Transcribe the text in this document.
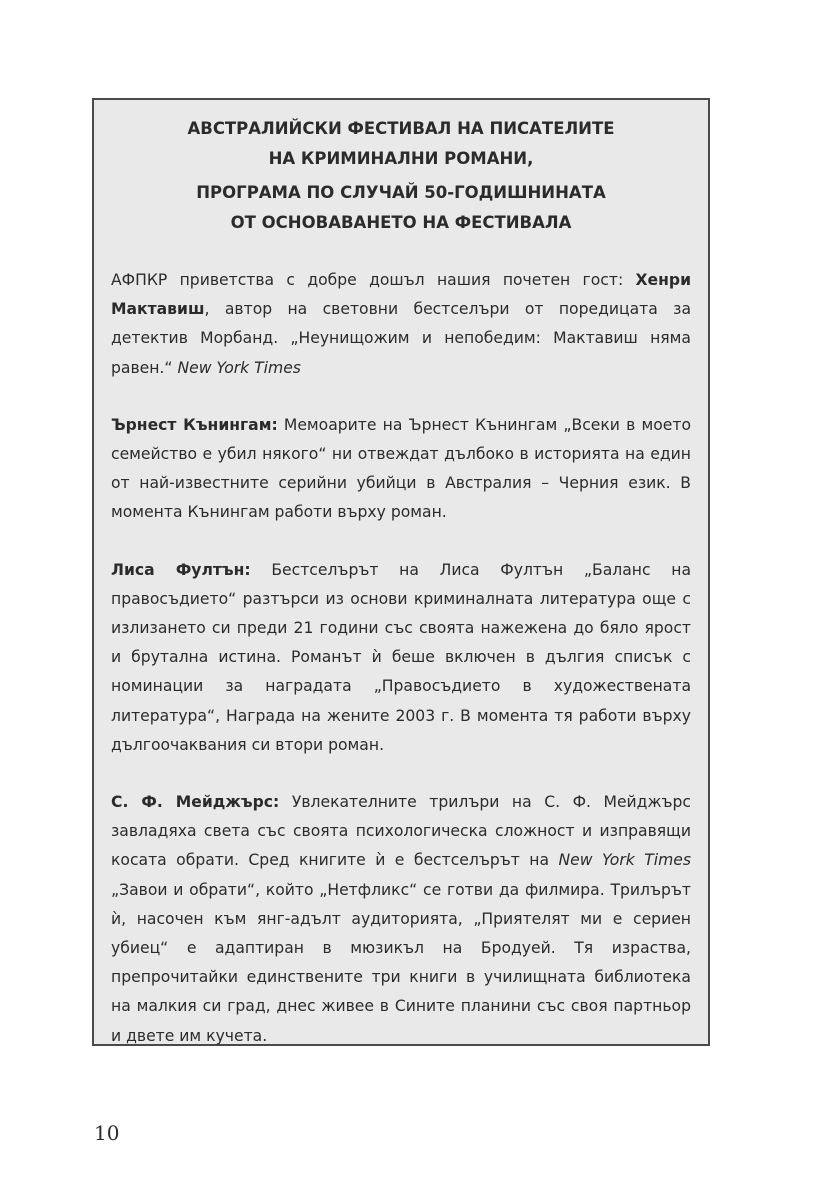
АВСТРАЛИЙСКИ ФЕСТИВАЛ НА ПИСАТЕЛИТЕ
НА КРИМИНАЛНИ РОМАНИ,

ПРОГРАМА ПО СЛУЧАЙ 50-ГОДИШНИНАТА
ОТ ОСНОВАВАНЕТО НА ФЕСТИВАЛА

АФПКР приветства с добре дошъл нашия почетен гост: Хенри Мактавиш, автор на световни бестселъри от поредицата за детектив Морбанд. „Неунищожим и непобедим: Мактавиш няма равен.“ New York Times

Ърнест Кънингам: Мемоарите на Ърнест Кънингам „Всеки в моето семейство е убил някого“ ни отвеждат дълбоко в историята на един от най-известните серийни убийци в Австралия – Черния език. В момента Кънингам работи върху роман.

Лиса Фултън: Бестселърът на Лиса Фултън „Баланс на правосъдието“ разтърси из основи криминалната литература още с излизането си преди 21 години със своята нажежена до бяло ярост и брутална истина. Романът ѝ беше включен в дългия списък с номинации за наградата „Правосъдието в художествената литература“, Награда на жените 2003 г. В момента тя работи върху дългоочаквания си втори роман.

С. Ф. Мейджърс: Увлекателните трилъри на С. Ф. Мейджърс завладяха света със своята психологическа сложност и изправящи косата обрати. Сред книгите ѝ е бестселърът на New York Times „Завои и обрати“, който „Нетфликс“ се готви да филмира. Трилърът ѝ, насочен към янг-адълт аудиторията, „Приятелят ми е сериен убиец“ е адаптиран в мюзикъл на Бродуей. Тя израства, препрочитайки единствените три книги в училищната библиотека на малкия си град, днес живее в Сините планини със своя партньор и двете им кучета.

10
